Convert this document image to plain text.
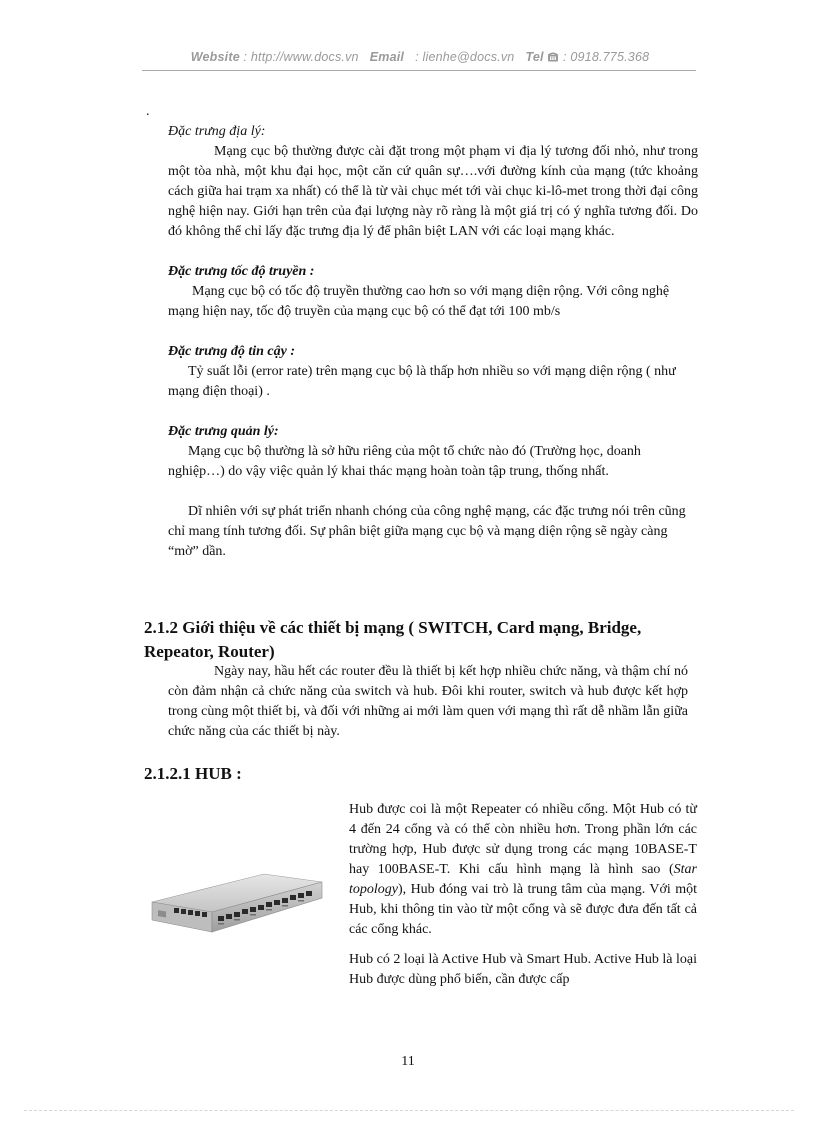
Website : http://www.docs.vn Email : lienhe@docs.vn Tel : 0918.775.368
.

Đặc trưng địa lý:

Mạng cục bộ thường được cài đặt trong một phạm vi địa lý tương đối nhỏ, như trong một tòa nhà, một khu đại học, một căn cứ quân sự….với đường kính của mạng (tức khoảng cách giữa hai trạm xa nhất) có thể là từ vài chục mét tới vài chục ki-lô-met trong thời đại công nghệ hiện nay. Giới hạn trên của đại lượng này rõ ràng là một giá trị có ý nghĩa tương đối. Do đó không thể chỉ lấy đặc trưng địa lý để phân biệt LAN với các loại mạng khác.

Đặc trưng tốc độ truyền :

Mạng cục bộ có tốc độ truyền thường cao hơn so với mạng diện rộng. Với công nghệ mạng hiện nay, tốc độ truyền của mạng cục bộ có thể đạt tới 100 mb/s

Đặc trưng độ tin cậy :

Tỷ suất lỗi (error rate) trên mạng cục bộ là thấp hơn nhiều so với mạng diện rộng ( như mạng điện thoại) .

Đặc trưng quản lý:

Mạng cục bộ thường là sở hữu riêng của một tổ chức nào đó (Trường học, doanh nghiệp…) do vậy việc quản lý khai thác mạng hoàn toàn tập trung, thống nhất.

Dĩ nhiên với sự phát triển nhanh chóng của công nghệ mạng, các đặc trưng nói trên cũng chỉ mang tính tương đối. Sự phân biệt giữa mạng cục bộ và mạng diện rộng sẽ ngày càng “mờ” dần.

2.1.2 Giới thiệu về các thiết bị mạng ( SWITCH, Card mạng, Bridge, Repeator, Router)

Ngày nay, hầu hết các router đều là thiết bị kết hợp nhiều chức năng, và thậm chí nó còn đảm nhận cả chức năng của switch và hub. Đôi khi router, switch và hub được kết hợp trong cùng một thiết bị, và đối với những ai mới làm quen với mạng thì rất dễ nhầm lẫn giữa chức năng của các thiết bị này.

2.1.2.1 HUB :

Hub được coi là một Repeater có nhiều cổng. Một Hub có từ 4 đến 24 cổng và có thể còn nhiều hơn. Trong phần lớn các trường hợp, Hub được sử dụng trong các mạng 10BASE-T hay 100BASE-T. Khi cấu hình mạng là hình sao (Star topology), Hub đóng vai trò là trung tâm của mạng. Với một Hub, khi thông tin vào từ một cổng và sẽ được đưa đến tất cả các cổng khác.

Hub có 2 loại là Active Hub và Smart Hub. Active Hub là loại Hub được dùng phổ biến, cần được cấp

11
